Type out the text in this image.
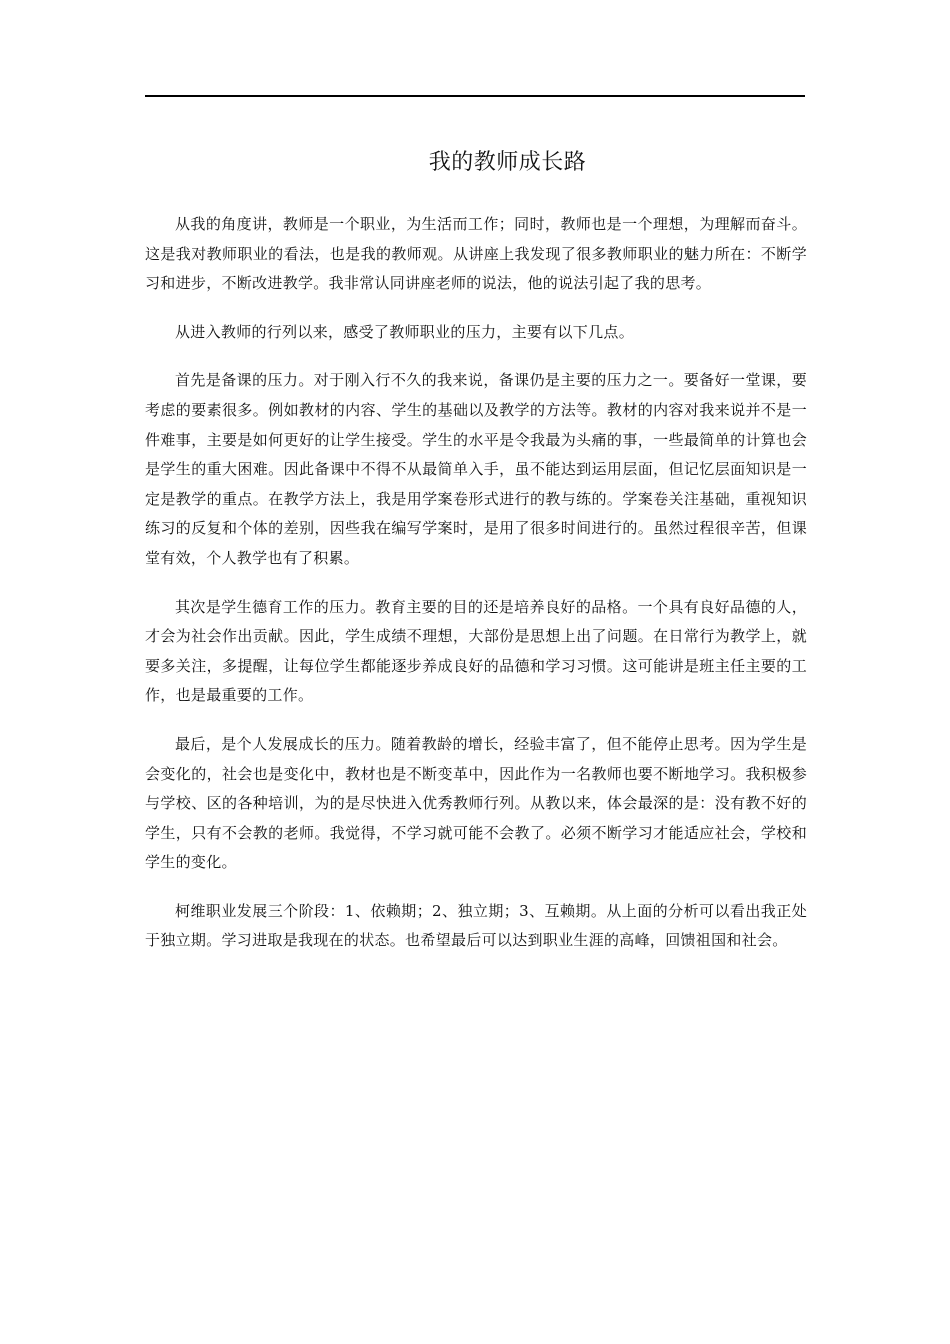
我的教师成长路

从我的角度讲，教师是一个职业，为生活而工作；同时，教师也是一个理想，为理解而奋斗。这是我对教师职业的看法，也是我的教师观。从讲座上我发现了很多教师职业的魅力所在：不断学习和进步，不断改进教学。我非常认同讲座老师的说法，他的说法引起了我的思考。

从进入教师的行列以来，感受了教师职业的压力，主要有以下几点。

首先是备课的压力。对于刚入行不久的我来说，备课仍是主要的压力之一。要备好一堂课，要考虑的要素很多。例如教材的内容、学生的基础以及教学的方法等。教材的内容对我来说并不是一件难事，主要是如何更好的让学生接受。学生的水平是令我最为头痛的事，一些最简单的计算也会是学生的重大困难。因此备课中不得不从最简单入手，虽不能达到运用层面，但记忆层面知识是一定是教学的重点。在教学方法上，我是用学案卷形式进行的教与练的。学案卷关注基础，重视知识练习的反复和个体的差别，因些我在编写学案时，是用了很多时间进行的。虽然过程很辛苦，但课堂有效，个人教学也有了积累。

其次是学生德育工作的压力。教育主要的目的还是培养良好的品格。一个具有良好品德的人，才会为社会作出贡献。因此，学生成绩不理想，大部份是思想上出了问题。在日常行为教学上，就要多关注，多提醒，让每位学生都能逐步养成良好的品德和学习习惯。这可能讲是班主任主要的工作，也是最重要的工作。

最后，是个人发展成长的压力。随着教龄的增长，经验丰富了，但不能停止思考。因为学生是会变化的，社会也是变化中，教材也是不断变革中，因此作为一名教师也要不断地学习。我积极参与学校、区的各种培训，为的是尽快进入优秀教师行列。从教以来，体会最深的是：没有教不好的学生，只有不会教的老师。我觉得，不学习就可能不会教了。必须不断学习才能适应社会，学校和学生的变化。

柯维职业发展三个阶段：1、依赖期；2、独立期；3、互赖期。从上面的分析可以看出我正处于独立期。学习进取是我现在的状态。也希望最后可以达到职业生涯的高峰，回馈祖国和社会。
